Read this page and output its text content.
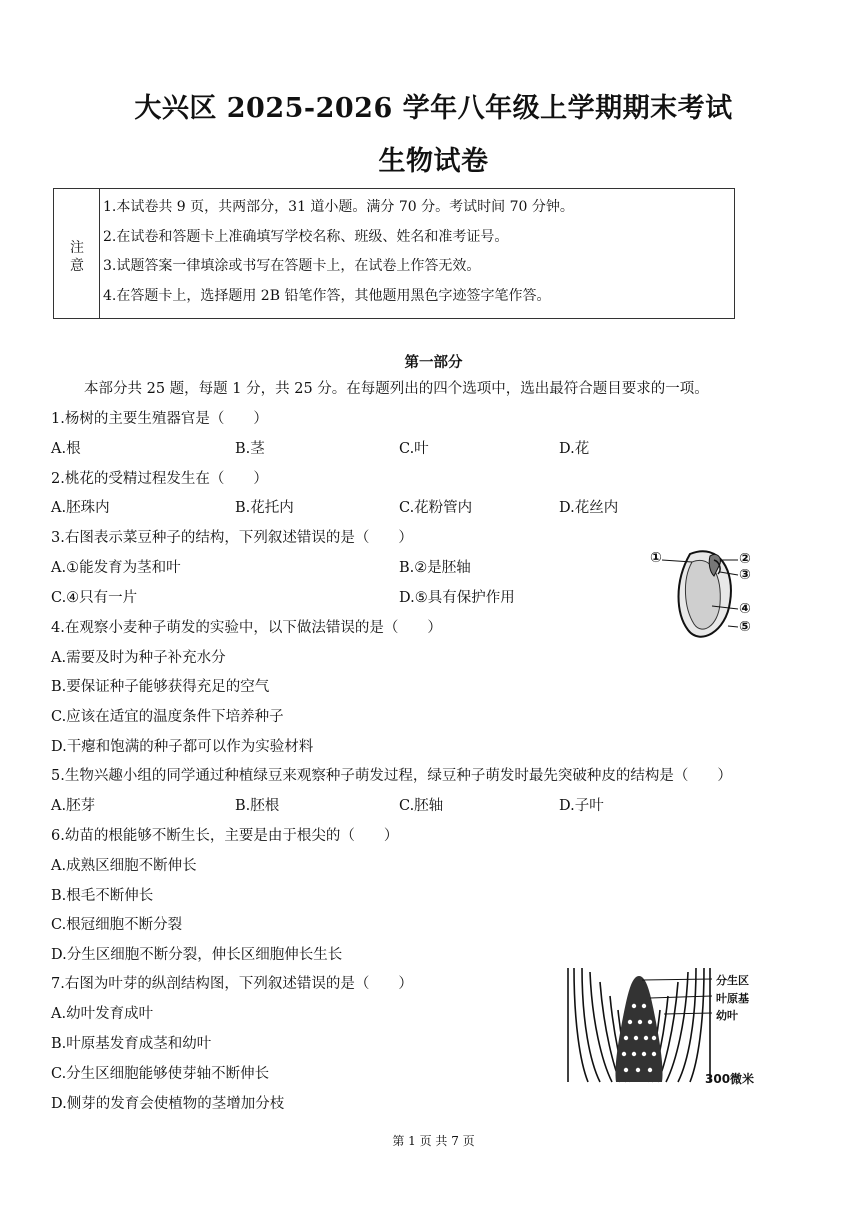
大兴区 2025-2026 学年八年级上学期期末考试
生物试卷
注
意
1.本试卷共 9 页，共两部分，31 道小题。满分 70 分。考试时间 70 分钟。
2.在试卷和答题卡上准确填写学校名称、班级、姓名和准考证号。
3.试题答案一律填涂或书写在答题卡上，在试卷上作答无效。
4.在答题卡上，选择题用 2B 铅笔作答，其他题用黑色字迹签字笔作答。
第一部分
本部分共 25 题，每题 1 分，共 25 分。在每题列出的四个选项中，选出最符合题目要求的一项。
1.杨树的主要生殖器官是（　　）
A.根	B.茎	C.叶	D.花
2.桃花的受精过程发生在（　　）
A.胚珠内	B.花托内	C.花粉管内	D.花丝内
3.右图表示菜豆种子的结构，下列叙述错误的是（　　）
A.①能发育为茎和叶	B.②是胚轴
C.④只有一片	D.⑤具有保护作用
①	②
③
④
⑤
4.在观察小麦种子萌发的实验中，以下做法错误的是（　　）
A.需要及时为种子补充水分
B.要保证种子能够获得充足的空气
C.应该在适宜的温度条件下培养种子
D.干瘪和饱满的种子都可以作为实验材料
5.生物兴趣小组的同学通过种植绿豆来观察种子萌发过程，绿豆种子萌发时最先突破种皮的结构是（　　）
A.胚芽	B.胚根	C.胚轴	D.子叶
6.幼苗的根能够不断生长，主要是由于根尖的（　　）
A.成熟区细胞不断伸长
B.根毛不断伸长
C.根冠细胞不断分裂
D.分生区细胞不断分裂，伸长区细胞伸长生长
7.右图为叶芽的纵剖结构图，下列叙述错误的是（　　）
A.幼叶发育成叶
B.叶原基发育成茎和幼叶
C.分生区细胞能够使芽轴不断伸长
D.侧芽的发育会使植物的茎增加分枝
分生区
叶原基
幼叶
300微米
第 1 页 共 7 页
